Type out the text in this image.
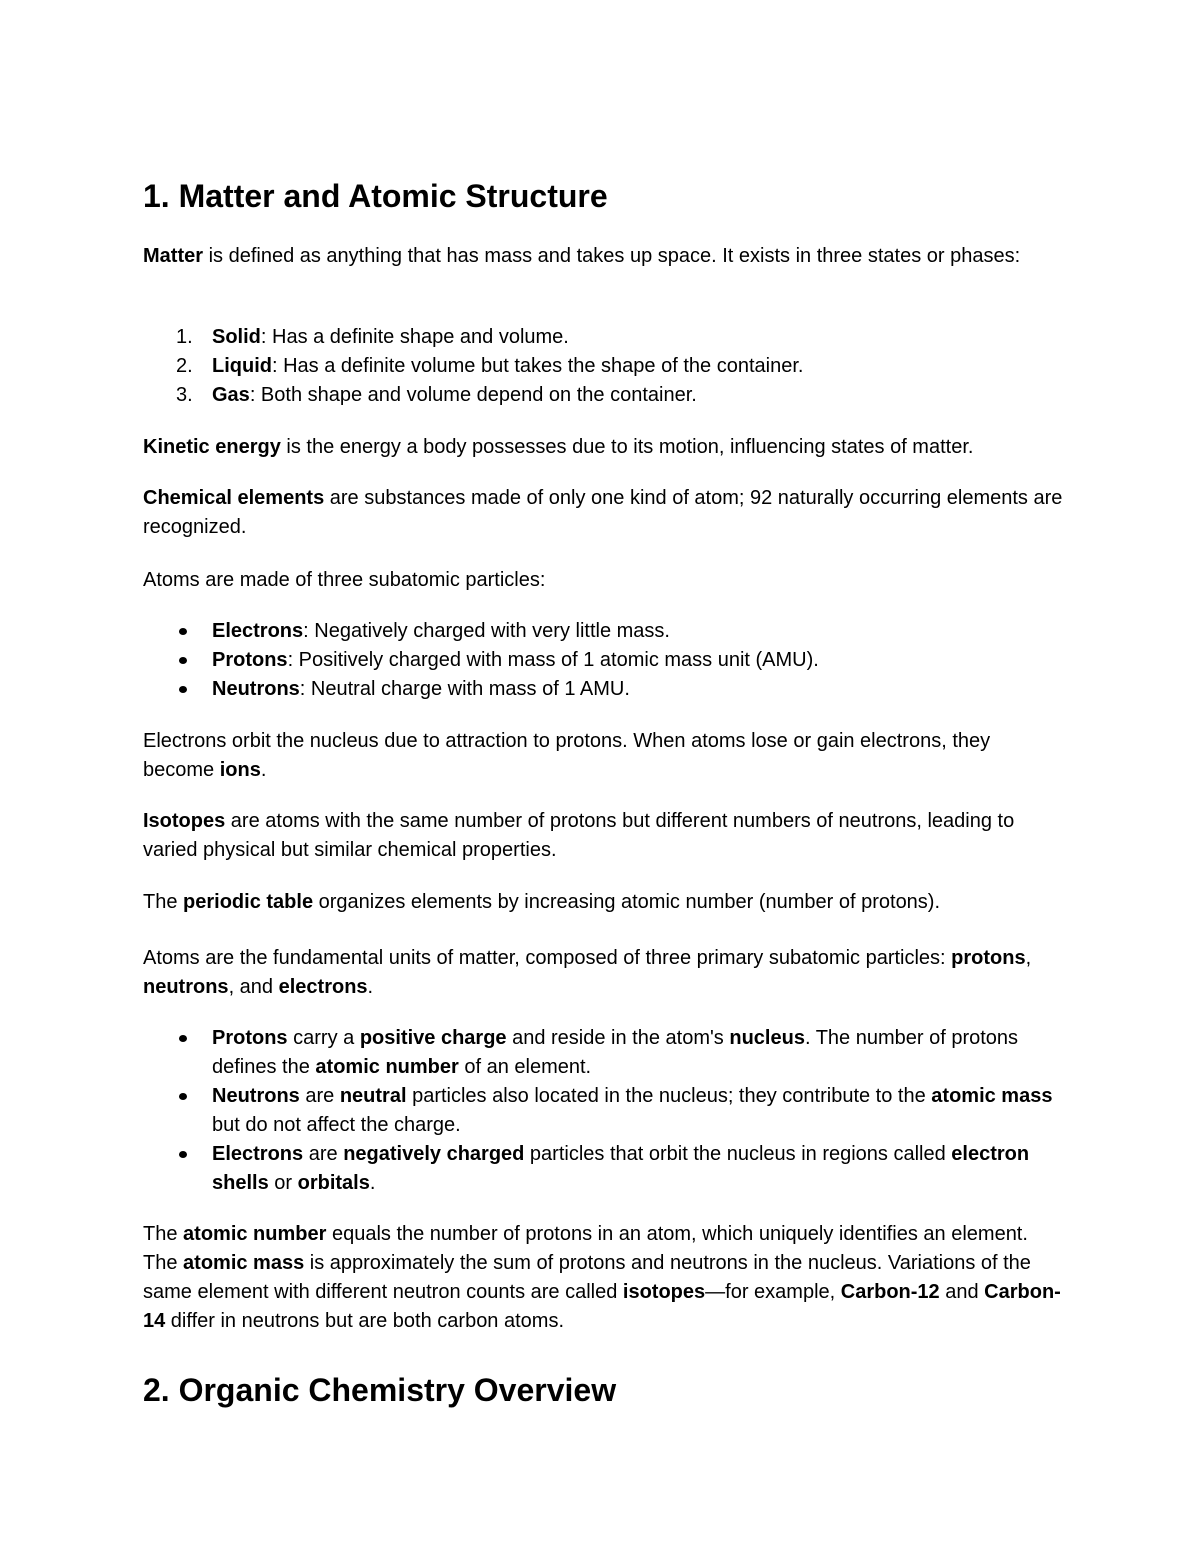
1. Matter and Atomic Structure

Matter is defined as anything that has mass and takes up space. It exists in three states or phases:

1. Solid: Has a definite shape and volume.
2. Liquid: Has a definite volume but takes the shape of the container.
3. Gas: Both shape and volume depend on the container.

Kinetic energy is the energy a body possesses due to its motion, influencing states of matter.

Chemical elements are substances made of only one kind of atom; 92 naturally occurring elements are recognized.

Atoms are made of three subatomic particles:

Electrons: Negatively charged with very little mass.
Protons: Positively charged with mass of 1 atomic mass unit (AMU).
Neutrons: Neutral charge with mass of 1 AMU.

Electrons orbit the nucleus due to attraction to protons. When atoms lose or gain electrons, they become ions.

Isotopes are atoms with the same number of protons but different numbers of neutrons, leading to varied physical but similar chemical properties.

The periodic table organizes elements by increasing atomic number (number of protons).

Atoms are the fundamental units of matter, composed of three primary subatomic particles: protons, neutrons, and electrons.

Protons carry a positive charge and reside in the atom's nucleus. The number of protons defines the atomic number of an element.
Neutrons are neutral particles also located in the nucleus; they contribute to the atomic mass but do not affect the charge.
Electrons are negatively charged particles that orbit the nucleus in regions called electron shells or orbitals.

The atomic number equals the number of protons in an atom, which uniquely identifies an element. The atomic mass is approximately the sum of protons and neutrons in the nucleus. Variations of the same element with different neutron counts are called isotopes—for example, Carbon-12 and Carbon-14 differ in neutrons but are both carbon atoms.

2. Organic Chemistry Overview
